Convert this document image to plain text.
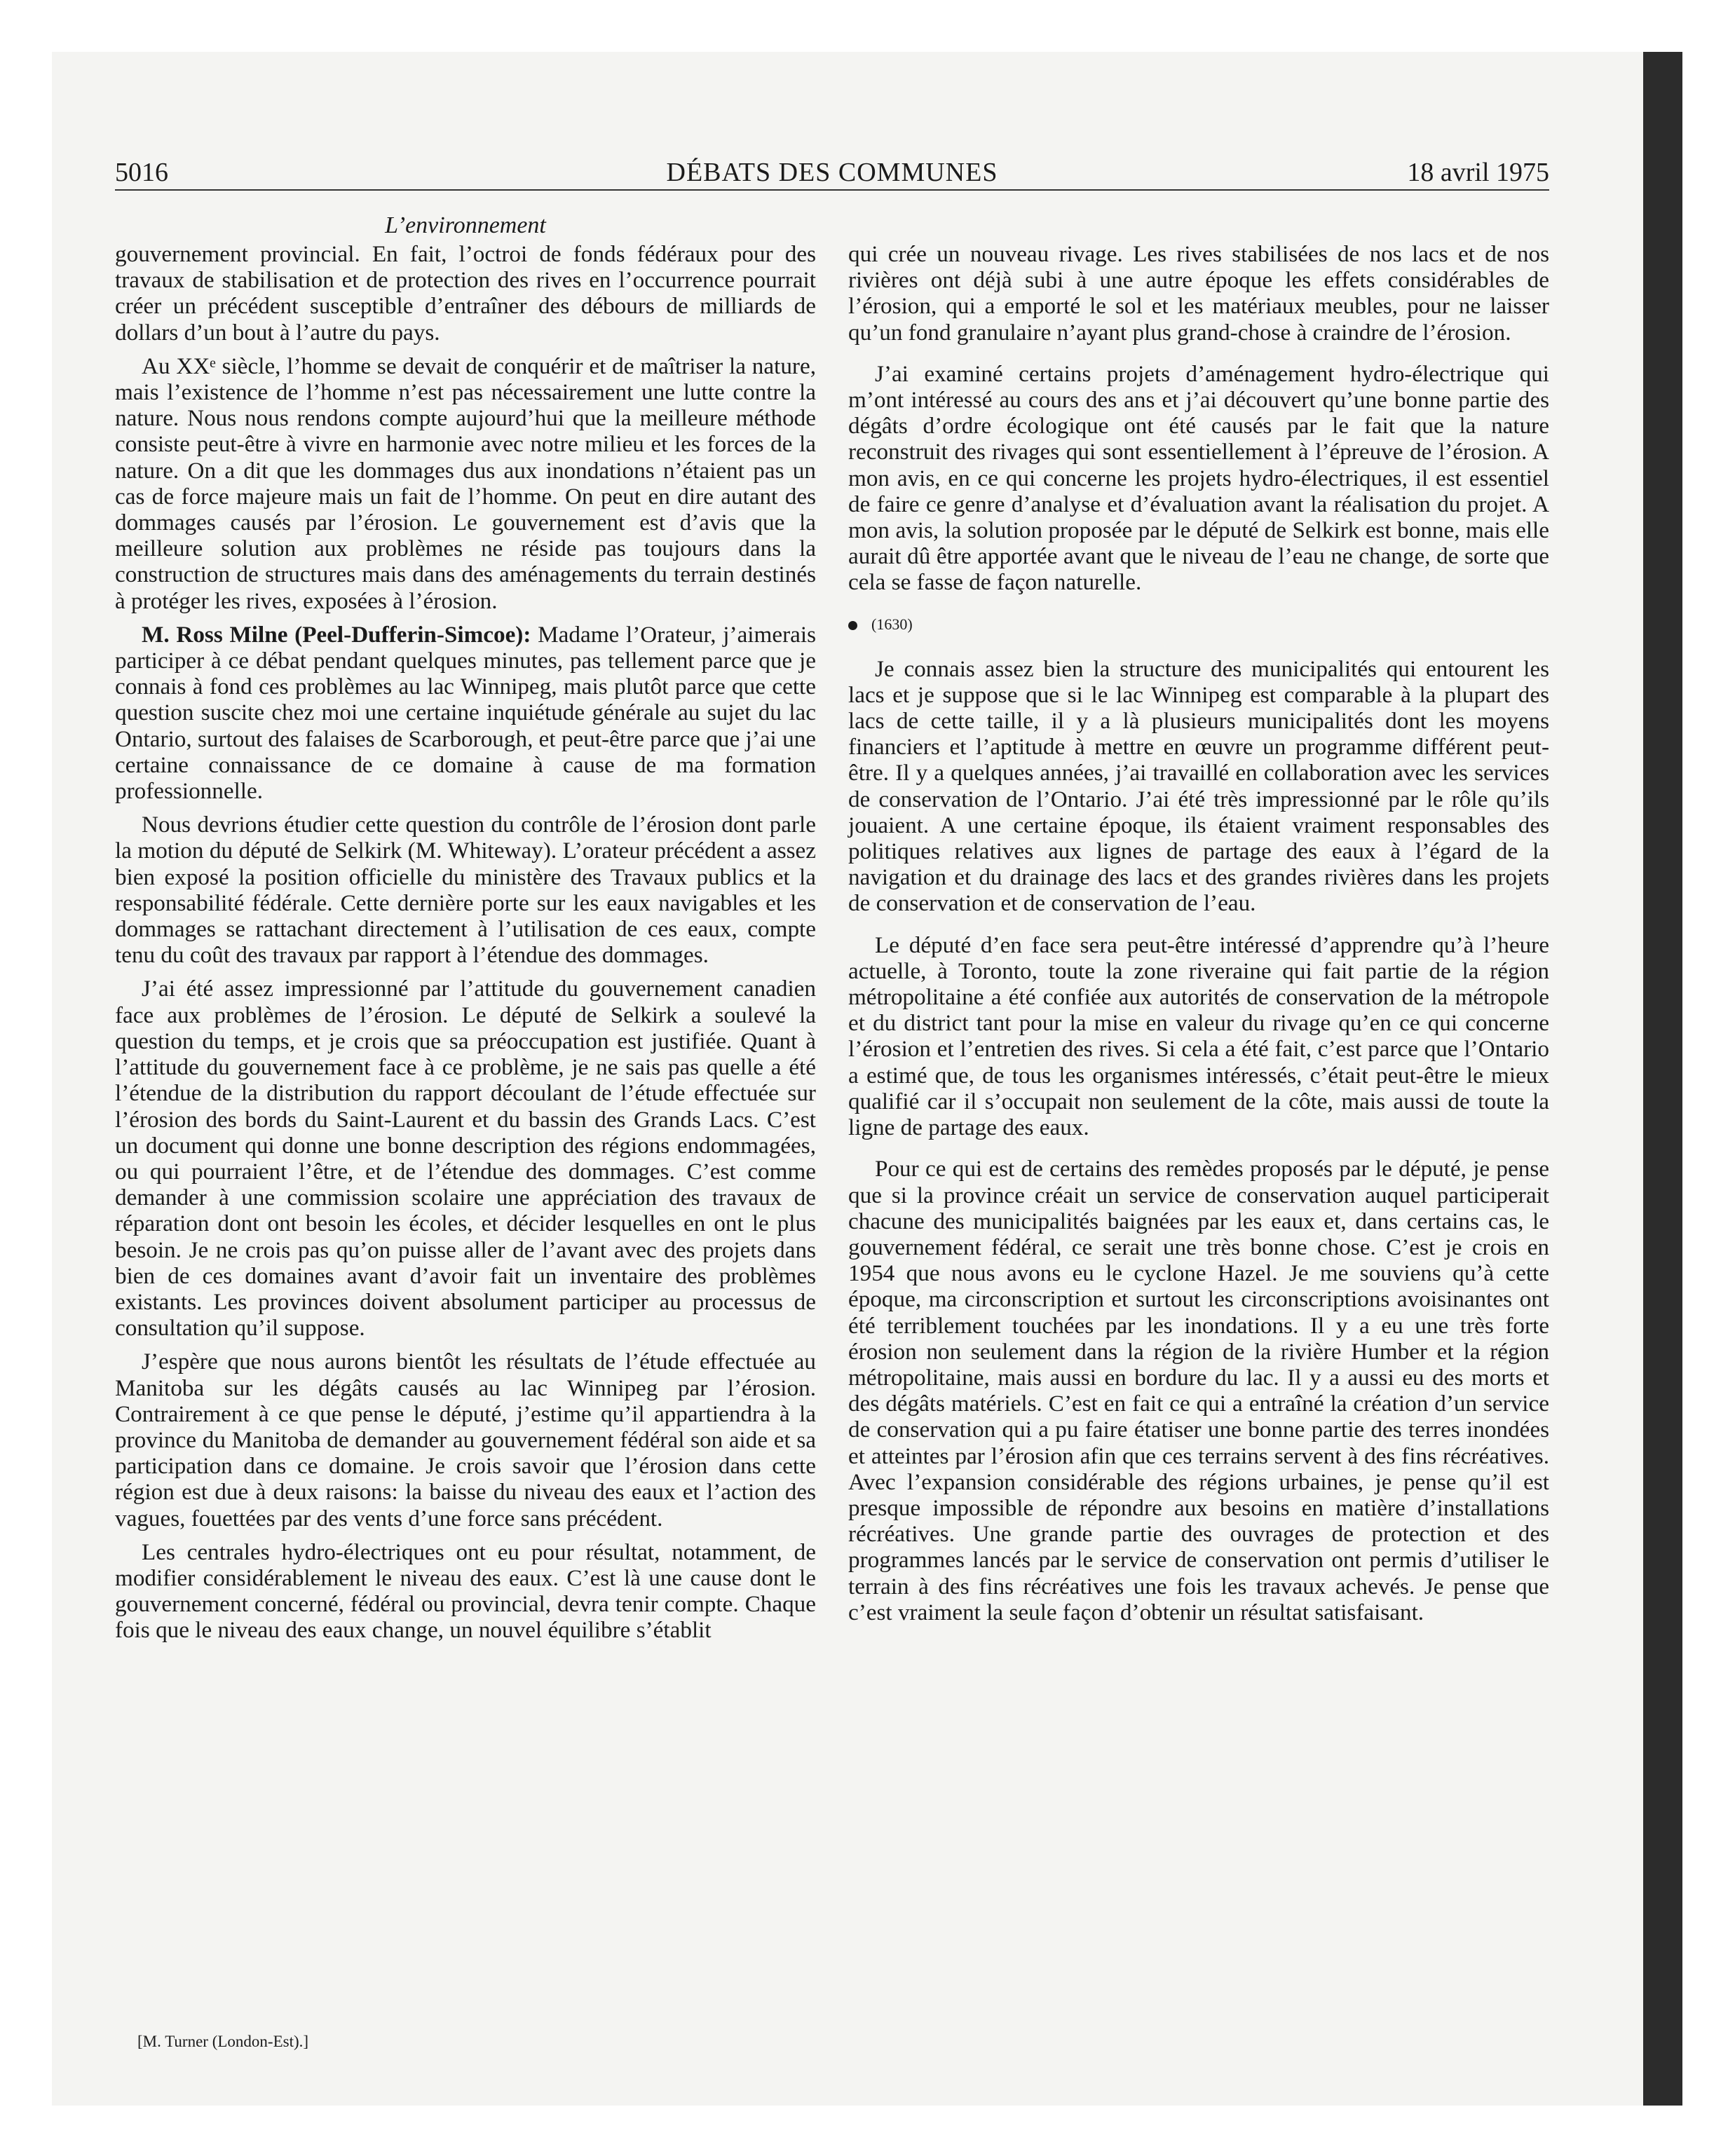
5016	DÉBATS DES COMMUNES	18 avril 1975
L’environnement

gouvernement provincial. En fait, l’octroi de fonds fédéraux pour des travaux de stabilisation et de protection des rives en l’occurrence pourrait créer un précédent susceptible d’entraîner des débours de milliards de dollars d’un bout à l’autre du pays.

Au XXᵉ siècle, l’homme se devait de conquérir et de maîtriser la nature, mais l’existence de l’homme n’est pas nécessairement une lutte contre la nature. Nous nous rendons compte aujourd’hui que la meilleure méthode consiste peut-être à vivre en harmonie avec notre milieu et les forces de la nature. On a dit que les dommages dus aux inondations n’étaient pas un cas de force majeure mais un fait de l’homme. On peut en dire autant des dommages causés par l’érosion. Le gouvernement est d’avis que la meilleure solution aux problèmes ne réside pas toujours dans la construction de structures mais dans des aménagements du terrain destinés à protéger les rives, exposées à l’érosion.

M. Ross Milne (Peel-Dufferin-Simcoe): Madame l’Orateur, j’aimerais participer à ce débat pendant quelques minutes, pas tellement parce que je connais à fond ces problèmes au lac Winnipeg, mais plutôt parce que cette question suscite chez moi une certaine inquiétude générale au sujet du lac Ontario, surtout des falaises de Scarborough, et peut-être parce que j’ai une certaine connaissance de ce domaine à cause de ma formation professionnelle.

Nous devrions étudier cette question du contrôle de l’érosion dont parle la motion du député de Selkirk (M. Whiteway). L’orateur précédent a assez bien exposé la position officielle du ministère des Travaux publics et la responsabilité fédérale. Cette dernière porte sur les eaux navigables et les dommages se rattachant directement à l’utilisation de ces eaux, compte tenu du coût des travaux par rapport à l’étendue des dommages.

J’ai été assez impressionné par l’attitude du gouvernement canadien face aux problèmes de l’érosion. Le député de Selkirk a soulevé la question du temps, et je crois que sa préoccupation est justifiée. Quant à l’attitude du gouvernement face à ce problème, je ne sais pas quelle a été l’étendue de la distribution du rapport découlant de l’étude effectuée sur l’érosion des bords du Saint-Laurent et du bassin des Grands Lacs. C’est un document qui donne une bonne description des régions endommagées, ou qui pourraient l’être, et de l’étendue des dommages. C’est comme demander à une commission scolaire une appréciation des travaux de réparation dont ont besoin les écoles, et décider lesquelles en ont le plus besoin. Je ne crois pas qu’on puisse aller de l’avant avec des projets dans bien de ces domaines avant d’avoir fait un inventaire des problèmes existants. Les provinces doivent absolument participer au processus de consultation qu’il suppose.

J’espère que nous aurons bientôt les résultats de l’étude effectuée au Manitoba sur les dégâts causés au lac Winnipeg par l’érosion. Contrairement à ce que pense le député, j’estime qu’il appartiendra à la province du Manitoba de demander au gouvernement fédéral son aide et sa participation dans ce domaine. Je crois savoir que l’érosion dans cette région est due à deux raisons: la baisse du niveau des eaux et l’action des vagues, fouettées par des vents d’une force sans précédent.

Les centrales hydro-électriques ont eu pour résultat, notamment, de modifier considérablement le niveau des eaux. C’est là une cause dont le gouvernement concerné, fédéral ou provincial, devra tenir compte. Chaque fois que le niveau des eaux change, un nouvel équilibre s’établit

qui crée un nouveau rivage. Les rives stabilisées de nos lacs et de nos rivières ont déjà subi à une autre époque les effets considérables de l’érosion, qui a emporté le sol et les matériaux meubles, pour ne laisser qu’un fond granulaire n’ayant plus grand-chose à craindre de l’érosion.

J’ai examiné certains projets d’aménagement hydro-électrique qui m’ont intéressé au cours des ans et j’ai découvert qu’une bonne partie des dégâts d’ordre écologique ont été causés par le fait que la nature reconstruit des rivages qui sont essentiellement à l’épreuve de l’érosion. A mon avis, en ce qui concerne les projets hydro-électriques, il est essentiel de faire ce genre d’analyse et d’évaluation avant la réalisation du projet. A mon avis, la solution proposée par le député de Selkirk est bonne, mais elle aurait dû être apportée avant que le niveau de l’eau ne change, de sorte que cela se fasse de façon naturelle.

(1630)

Je connais assez bien la structure des municipalités qui entourent les lacs et je suppose que si le lac Winnipeg est comparable à la plupart des lacs de cette taille, il y a là plusieurs municipalités dont les moyens financiers et l’aptitude à mettre en œuvre un programme différent peut-être. Il y a quelques années, j’ai travaillé en collaboration avec les services de conservation de l’Ontario. J’ai été très impressionné par le rôle qu’ils jouaient. A une certaine époque, ils étaient vraiment responsables des politiques relatives aux lignes de partage des eaux à l’égard de la navigation et du drainage des lacs et des grandes rivières dans les projets de conservation et de conservation de l’eau.

Le député d’en face sera peut-être intéressé d’apprendre qu’à l’heure actuelle, à Toronto, toute la zone riveraine qui fait partie de la région métropolitaine a été confiée aux autorités de conservation de la métropole et du district tant pour la mise en valeur du rivage qu’en ce qui concerne l’érosion et l’entretien des rives. Si cela a été fait, c’est parce que l’Ontario a estimé que, de tous les organismes intéressés, c’était peut-être le mieux qualifié car il s’occupait non seulement de la côte, mais aussi de toute la ligne de partage des eaux.

Pour ce qui est de certains des remèdes proposés par le député, je pense que si la province créait un service de conservation auquel participerait chacune des municipalités baignées par les eaux et, dans certains cas, le gouvernement fédéral, ce serait une très bonne chose. C’est je crois en 1954 que nous avons eu le cyclone Hazel. Je me souviens qu’à cette époque, ma circonscription et surtout les circonscriptions avoisinantes ont été terriblement touchées par les inondations. Il y a eu une très forte érosion non seulement dans la région de la rivière Humber et la région métropolitaine, mais aussi en bordure du lac. Il y a aussi eu des morts et des dégâts matériels. C’est en fait ce qui a entraîné la création d’un service de conservation qui a pu faire étatiser une bonne partie des terres inondées et atteintes par l’érosion afin que ces terrains servent à des fins récréatives. Avec l’expansion considérable des régions urbaines, je pense qu’il est presque impossible de répondre aux besoins en matière d’installations récréatives. Une grande partie des ouvrages de protection et des programmes lancés par le service de conservation ont permis d’utiliser le terrain à des fins récréatives une fois les travaux achevés. Je pense que c’est vraiment la seule façon d’obtenir un résultat satisfaisant.

[M. Turner (London-Est).]
